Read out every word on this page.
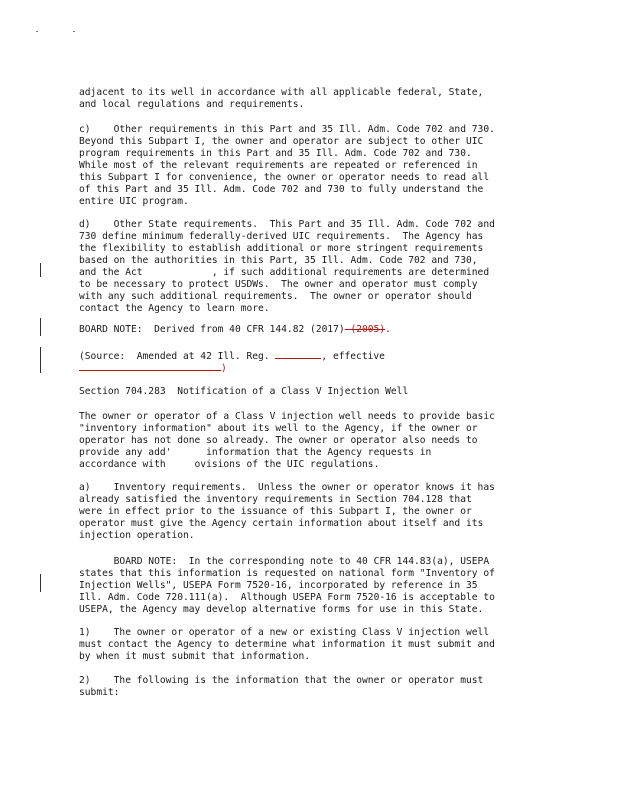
adjacent to its well in accordance with all applicable federal, State,
and local regulations and requirements.

c)    Other requirements in this Part and 35 Ill. Adm. Code 702 and 730.
Beyond this Subpart I, the owner and operator are subject to other UIC
program requirements in this Part and 35 Ill. Adm. Code 702 and 730.
While most of the relevant requirements are repeated or referenced in
this Subpart I for convenience, the owner or operator needs to read all
of this Part and 35 Ill. Adm. Code 702 and 730 to fully understand the
entire UIC program.

d)    Other State requirements.  This Part and 35 Ill. Adm. Code 702 and
730 define minimum federally-derived UIC requirements.  The Agency has
the flexibility to establish additional or more stringent requirements
based on the authorities in this Part, 35 Ill. Adm. Code 702 and 730,
and the Act            , if such additional requirements are determined
to be necessary to protect USDWs.  The owner and operator must comply
with any such additional requirements.  The owner or operator should
contact the Agency to learn more.

BOARD NOTE:  Derived from 40 CFR 144.82 (2017) (2005).

(Source:  Amended at 42 Ill. Reg.	, effective

)

Section 704.283  Notification of a Class V Injection Well

The owner or operator of a Class V injection well needs to provide basic
"inventory information" about its well to the Agency, if the owner or
operator has not done so already. The owner or operator also needs to
provide any add'      information that the Agency requests in
accordance with     ovisions of the UIC regulations.

a)    Inventory requirements.  Unless the owner or operator knows it has
already satisfied the inventory requirements in Section 704.128 that
were in effect prior to the issuance of this Subpart I, the owner or
operator must give the Agency certain information about itself and its
injection operation.

BOARD NOTE:  In the corresponding note to 40 CFR 144.83(a), USEPA
states that this information is requested on national form "Inventory of
Injection Wells", USEPA Form 7520-16, incorporated by reference in 35
Ill. Adm. Code 720.111(a).  Although USEPA Form 7520-16 is acceptable to
USEPA, the Agency may develop alternative forms for use in this State.

1)    The owner or operator of a new or existing Class V injection well
must contact the Agency to determine what information it must submit and
by when it must submit that information.

2)    The following is the information that the owner or operator must
submit:
